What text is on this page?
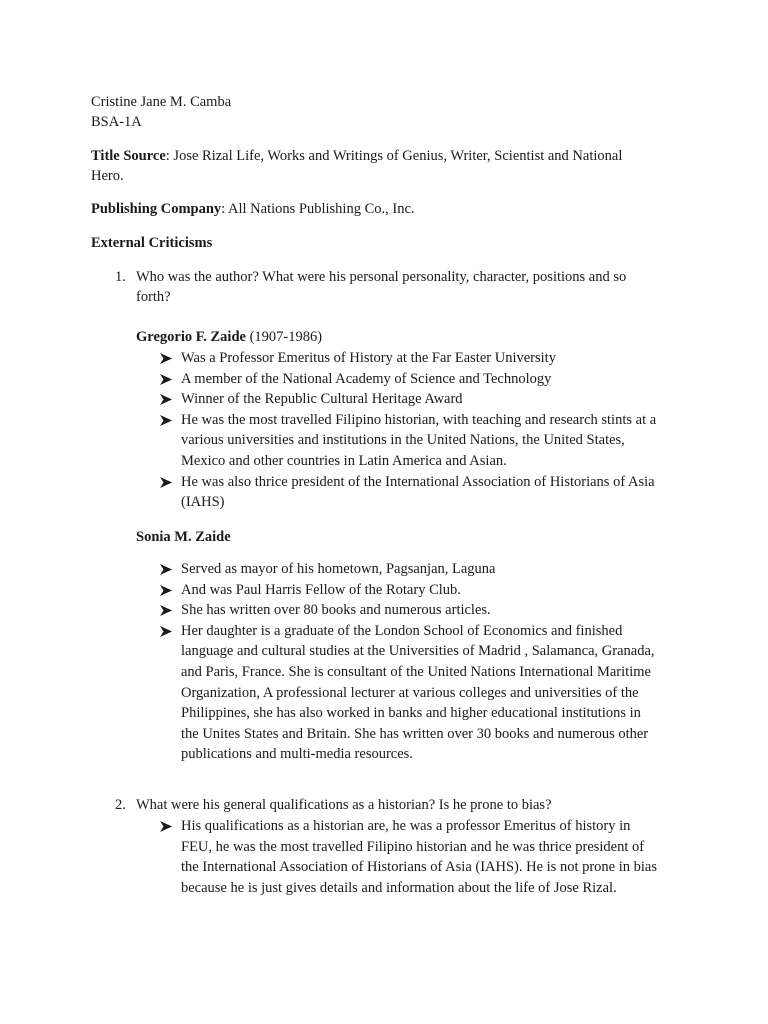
Cristine Jane M. Camba
BSA-1A
Title Source: Jose Rizal Life, Works and Writings of Genius, Writer, Scientist and National
Hero.
Publishing Company: All Nations Publishing Co., Inc.
External Criticisms
1. Who was the author? What were his personal personality, character, positions and so
forth?
Gregorio F. Zaide (1907-1986)
Was a Professor Emeritus of History at the Far Easter University
A member of the National Academy of Science and Technology
Winner of the Republic Cultural Heritage Award
He was the most travelled Filipino historian, with teaching and research stints at a
various universities and institutions in the United Nations, the United States,
Mexico and other countries in Latin America and Asian.
He was also thrice president of the International Association of Historians of Asia
(IAHS)
Sonia M. Zaide
Served as mayor of his hometown, Pagsanjan, Laguna
And was Paul Harris Fellow of the Rotary Club.
She has written over 80 books and numerous articles.
Her daughter is a graduate of the London School of Economics and finished
language and cultural studies at the Universities of Madrid , Salamanca, Granada,
and Paris, France. She is consultant of the United Nations International Maritime
Organization, A professional lecturer at various colleges and universities of the
Philippines, she has also worked in banks and higher educational institutions in
the Unites States and Britain. She has written over 30 books and numerous other
publications and multi-media resources.
2. What were his general qualifications as a historian? Is he prone to bias?
His qualifications as a historian are, he was a professor Emeritus of history in
FEU, he was the most travelled Filipino historian and he was thrice president of
the International Association of Historians of Asia (IAHS). He is not prone in bias
because he is just gives details and information about the life of Jose Rizal.
